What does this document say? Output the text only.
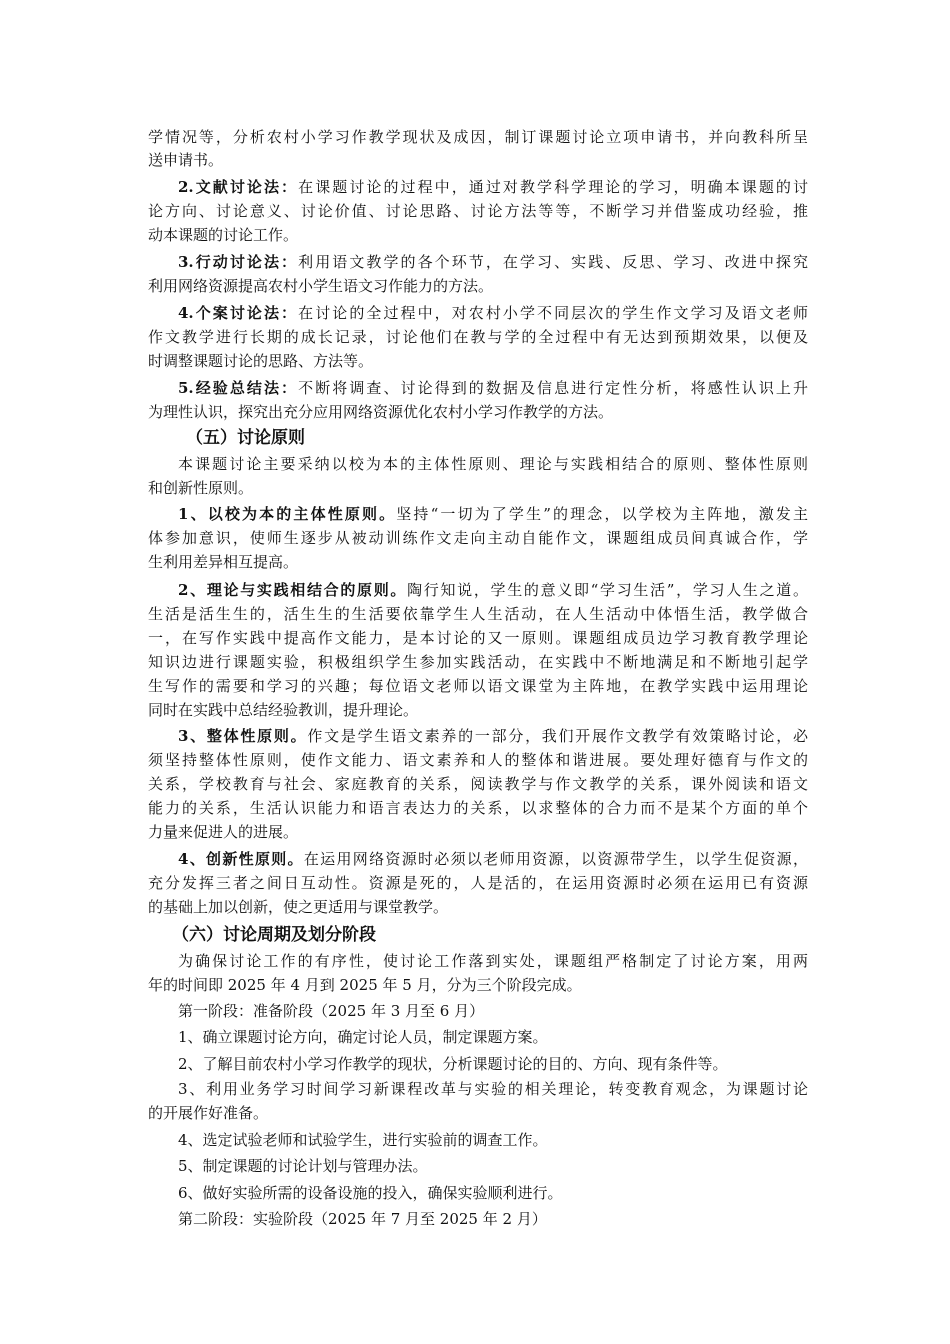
学情况等，分析农村小学习作教学现状及成因，制订课题讨论立项申请书，并向教科所呈
送申请书。
2.文献讨论法：在课题讨论的过程中，通过对教学科学理论的学习，明确本课题的讨
论方向、讨论意义、讨论价值、讨论思路、讨论方法等等，不断学习并借鉴成功经验，推
动本课题的讨论工作。
3.行动讨论法：利用语文教学的各个环节，在学习、实践、反思、学习、改进中探究
利用网络资源提高农村小学生语文习作能力的方法。
4.个案讨论法：在讨论的全过程中，对农村小学不同层次的学生作文学习及语文老师
作文教学进行长期的成长记录，讨论他们在教与学的全过程中有无达到预期效果，以便及
时调整课题讨论的思路、方法等。
5.经验总结法：不断将调查、讨论得到的数据及信息进行定性分析，将感性认识上升
为理性认识，探究出充分应用网络资源优化农村小学习作教学的方法。
（五）讨论原则
本课题讨论主要采纳以校为本的主体性原则、理论与实践相结合的原则、整体性原则
和创新性原则。
1、以校为本的主体性原则。坚持“一切为了学生”的理念，以学校为主阵地，激发主
体参加意识，使师生逐步从被动训练作文走向主动自能作文，课题组成员间真诚合作，学
生利用差异相互提高。
2、理论与实践相结合的原则。陶行知说，学生的意义即“学习生活”，学习人生之道。
生活是活生生的，活生生的生活要依靠学生人生活动，在人生活动中体悟生活，教学做合
一，在写作实践中提高作文能力，是本讨论的又一原则。课题组成员边学习教育教学理论
知识边进行课题实验，积极组织学生参加实践活动，在实践中不断地满足和不断地引起学
生写作的需要和学习的兴趣；每位语文老师以语文课堂为主阵地，在教学实践中运用理论
同时在实践中总结经验教训，提升理论。
3、整体性原则。作文是学生语文素养的一部分，我们开展作文教学有效策略讨论，必
须坚持整体性原则，使作文能力、语文素养和人的整体和谐进展。要处理好德育与作文的
关系，学校教育与社会、家庭教育的关系，阅读教学与作文教学的关系，课外阅读和语文
能力的关系，生活认识能力和语言表达力的关系，以求整体的合力而不是某个方面的单个
力量来促进人的进展。
4、创新性原则。在运用网络资源时必须以老师用资源，以资源带学生，以学生促资源，
充分发挥三者之间日互动性。资源是死的，人是活的，在运用资源时必须在运用已有资源
的基础上加以创新，使之更适用与课堂教学。
（六）讨论周期及划分阶段
为确保讨论工作的有序性，使讨论工作落到实处，课题组严格制定了讨论方案，用两
年的时间即 2025 年 4 月到 2025 年 5 月，分为三个阶段完成。
第一阶段：准备阶段（2025 年 3 月至 6 月）
1、确立课题讨论方向，确定讨论人员，制定课题方案。
2、了解目前农村小学习作教学的现状，分析课题讨论的目的、方向、现有条件等。
3、利用业务学习时间学习新课程改革与实验的相关理论，转变教育观念，为课题讨论
的开展作好准备。
4、选定试验老师和试验学生，进行实验前的调查工作。
5、制定课题的讨论计划与管理办法。
6、做好实验所需的设备设施的投入，确保实验顺利进行。
第二阶段：实验阶段（2025 年 7 月至 2025 年 2 月）
